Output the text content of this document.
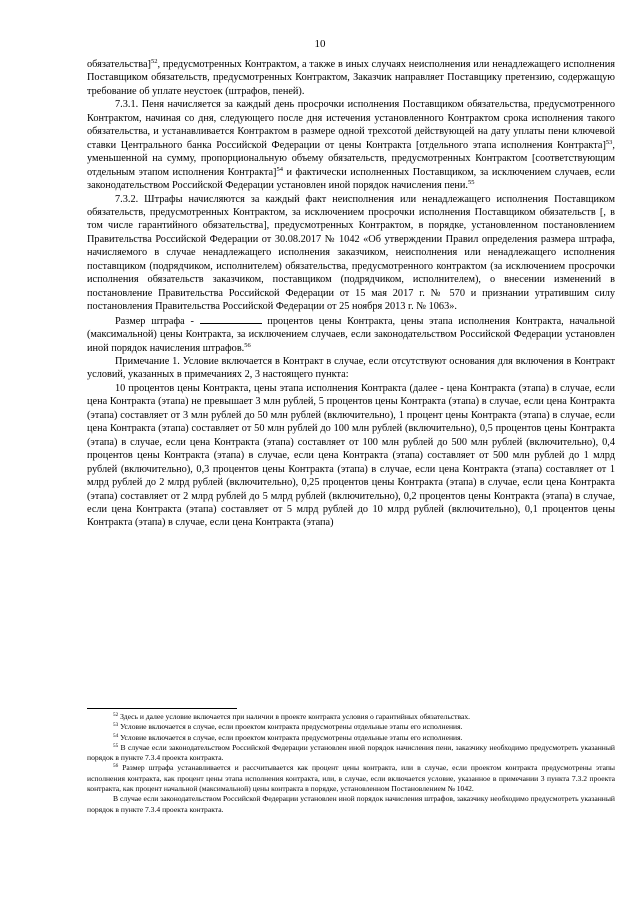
10

обязательства]$^{52}$, предусмотренных Контрактом, а также в иных случаях неисполнения или ненадлежащего исполнения Поставщиком обязательств, предусмотренных Контрактом, Заказчик направляет Поставщику претензию, содержащую требование об уплате неустоек (штрафов, пеней).

7.3.1. Пеня начисляется за каждый день просрочки исполнения Поставщиком обязательства, предусмотренного Контрактом, начиная со дня, следующего после дня истечения установленного Контрактом срока исполнения такого обязательства, и устанавливается Контрактом в размере одной трехсотой действующей на дату уплаты пени ключевой ставки Центрального банка Российской Федерации от цены Контракта [отдельного этапа исполнения Контракта]$^{53}$, уменьшенной на сумму, пропорциональную объему обязательств, предусмотренных Контрактом [соответствующим отдельным этапом исполнения Контракта]$^{54}$ и фактически исполненных Поставщиком, за исключением случаев, если законодательством Российской Федерации установлен иной порядок начисления пени.$^{55}$

7.3.2. Штрафы начисляются за каждый факт неисполнения или ненадлежащего исполнения Поставщиком обязательств, предусмотренных Контрактом, за исключением просрочки исполнения Поставщиком обязательств [, в том числе гарантийного обязательства], предусмотренных Контрактом, в порядке, установленном постановлением Правительства Российской Федерации от 30.08.2017 № 1042 «Об утверждении Правил определения размера штрафа, начисляемого в случае ненадлежащего исполнения заказчиком, неисполнения или ненадлежащего исполнения поставщиком (подрядчиком, исполнителем) обязательства, предусмотренного контрактом (за исключением просрочки исполнения обязательств заказчиком, поставщиком (подрядчиком, исполнителем), о внесении изменений в постановление Правительства Российской Федерации от 15 мая 2017 г. № 570 и признании утратившим силу постановления Правительства Российской Федерации от 25 ноября 2013 г. № 1063».

Размер штрафа -	процентов цены Контракта, цены этапа исполнения Контракта, начальной (максимальной) цены Контракта, за исключением случаев, если законодательством Российской Федерации установлен иной порядок начисления штрафов.$^{56}$

Примечание 1. Условие включается в Контракт в случае, если отсутствуют основания для включения в Контракт условий, указанных в примечаниях 2, 3 настоящего пункта:

10 процентов цены Контракта, цены этапа исполнения Контракта (далее - цена Контракта (этапа) в случае, если цена Контракта (этапа) не превышает 3 млн рублей, 5 процентов цены Контракта (этапа) в случае, если цена Контракта (этапа) составляет от 3 млн рублей до 50 млн рублей (включительно), 1 процент цены Контракта (этапа) в случае, если цена Контракта (этапа) составляет от 50 млн рублей до 100 млн рублей (включительно), 0,5 процентов цены Контракта (этапа) в случае, если цена Контракта (этапа) составляет от 100 млн рублей до 500 млн рублей (включительно), 0,4 процентов цены Контракта (этапа) в случае, если цена Контракта (этапа) составляет от 500 млн рублей до 1 млрд рублей (включительно), 0,3 процентов цены Контракта (этапа) в случае, если цена Контракта (этапа) составляет от 1 млрд рублей до 2 млрд рублей (включительно), 0,25 процентов цены Контракта (этапа) в случае, если цена Контракта (этапа) составляет от 2 млрд рублей до 5 млрд рублей (включительно), 0,2 процентов цены Контракта (этапа) в случае, если цена Контракта (этапа) составляет от 5 млрд рублей до 10 млрд рублей (включительно), 0,1 процентов цены Контракта (этапа) в случае, если цена Контракта (этапа)

$^{52}$ Здесь и далее условие включается при наличии в проекте контракта условия о гарантийных обязательствах.

$^{53}$ Условие включается в случае, если проектом контракта предусмотрены отдельные этапы его исполнения.

$^{54}$ Условие включается в случае, если проектом контракта предусмотрены отдельные этапы его исполнения.

$^{55}$ В случае если законодательством Российской Федерации установлен иной порядок начисления пени, заказчику необходимо предусмотреть указанный порядок в пункте 7.3.4 проекта контракта.

$^{56}$ Размер штрафа устанавливается и рассчитывается как процент цены контракта, или в случае, если проектом контракта предусмотрены этапы исполнения контракта, как процент цены этапа исполнения контракта, или, в случае, если включается условие, указанное в примечании 3 пункта 7.3.2 проекта контракта, как процент начальной (максимальной) цены контракта в порядке, установленном Постановлением № 1042.

В случае если законодательством Российской Федерации установлен иной порядок начисления штрафов, заказчику необходимо предусмотреть указанный порядок в пункте 7.3.4 проекта контракта.
